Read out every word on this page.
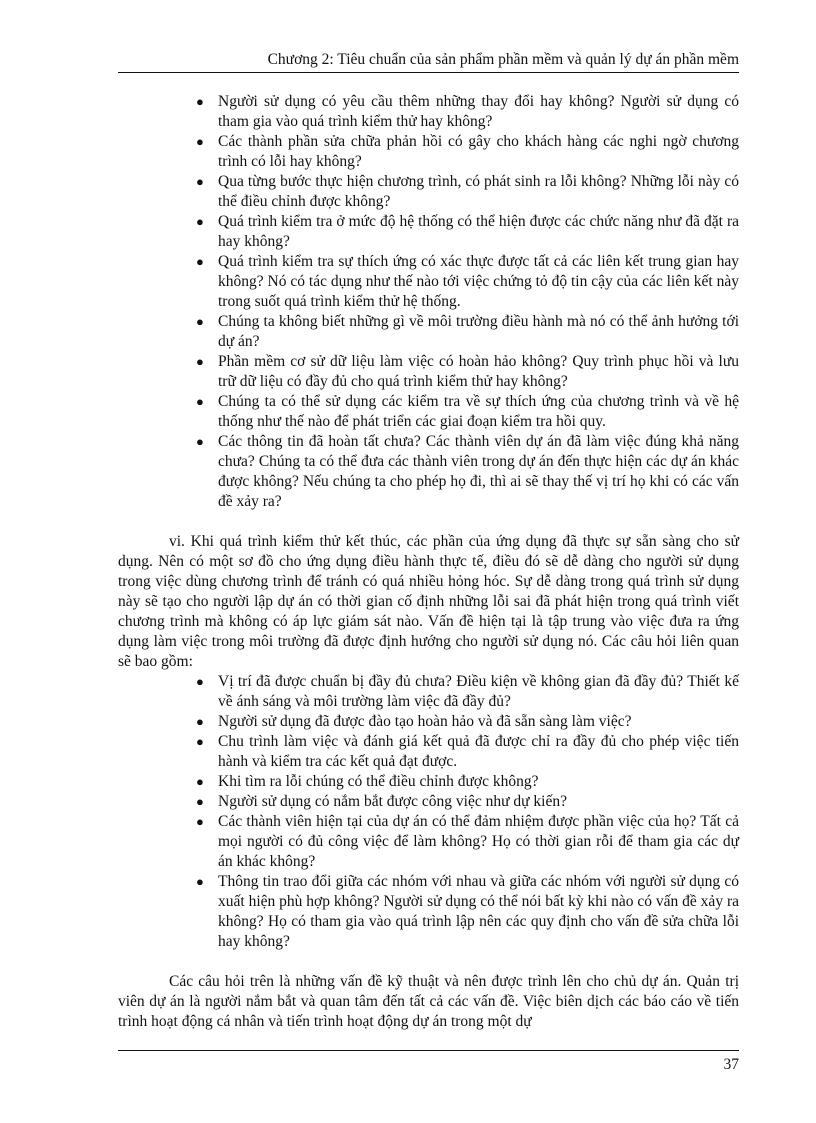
Chương 2: Tiêu chuẩn của sản phẩm phần mềm và quản lý dự án phần mềm
● Người sử dụng có yêu cầu thêm những thay đổi hay không? Người sử dụng có tham gia vào quá trình kiểm thử hay không?
● Các thành phần sửa chữa phản hồi có gây cho khách hàng các nghi ngờ chương trình có lỗi hay không?
● Qua từng bước thực hiện chương trình, có phát sinh ra lỗi không? Những lỗi này có thể điều chỉnh được không?
● Quá trình kiểm tra ở mức độ hệ thống có thể hiện được các chức năng như đã đặt ra hay không?
● Quá trình kiểm tra sự thích ứng có xác thực được tất cả các liên kết trung gian hay không? Nó có tác dụng như thế nào tới việc chứng tỏ độ tin cậy của các liên kết này trong suốt quá trình kiểm thử hệ thống.
● Chúng ta không biết những gì về môi trường điều hành mà nó có thể ảnh hưởng tới dự án?
● Phần mềm cơ sử dữ liệu làm việc có hoàn hảo không? Quy trình phục hồi và lưu trữ dữ liệu có đầy đủ cho quá trình kiểm thử hay không?
● Chúng ta có thể sử dụng các kiểm tra về sự thích ứng của chương trình và về hệ thống như thế nào để phát triển các giai đoạn kiểm tra hồi quy.
● Các thông tin đã hoàn tất chưa? Các thành viên dự án đã làm việc đúng khả năng chưa? Chúng ta có thể đưa các thành viên trong dự án đến thực hiện các dự án khác được không? Nếu chúng ta cho phép họ đi, thì ai sẽ thay thế vị trí họ khi có các vấn đề xảy ra?

vi. Khi quá trình kiểm thử kết thúc, các phần của ứng dụng đã thực sự sẵn sàng cho sử dụng. Nên có một sơ đồ cho ứng dụng điều hành thực tế, điều đó sẽ dễ dàng cho người sử dụng trong việc dùng chương trình để tránh có quá nhiều hỏng hóc. Sự dễ dàng trong quá trình sử dụng này sẽ tạo cho người lập dự án có thời gian cố định những lỗi sai đã phát hiện trong quá trình viết chương trình mà không có áp lực giám sát nào. Vấn đề hiện tại là tập trung vào việc đưa ra ứng dụng làm việc trong môi trường đã được định hướng cho người sử dụng nó. Các câu hỏi liên quan sẽ bao gồm:

● Vị trí đã được chuẩn bị đầy đủ chưa? Điều kiện về không gian đã đầy đủ? Thiết kế về ánh sáng và môi trường làm việc đã đầy đủ?
● Người sử dụng đã được đào tạo hoàn hảo và đã sẵn sàng làm việc?
● Chu trình làm việc và đánh giá kết quả đã được chỉ ra đầy đủ cho phép việc tiến hành và kiểm tra các kết quả đạt được.
● Khi tìm ra lỗi chúng có thể điều chỉnh được không?
● Người sử dụng có nắm bắt được công việc như dự kiến?
● Các thành viên hiện tại của dự án có thể đảm nhiệm được phần việc của họ? Tất cả mọi người có đủ công việc để làm không? Họ có thời gian rỗi để tham gia các dự án khác không?
● Thông tin trao đổi giữa các nhóm với nhau và giữa các nhóm với người sử dụng có xuất hiện phù hợp không? Người sử dụng có thể nói bất kỳ khi nào có vấn đề xảy ra không? Họ có tham gia vào quá trình lập nên các quy định cho vấn đề sửa chữa lỗi hay không?

Các câu hỏi trên là những vấn đề kỹ thuật và nên được trình lên cho chủ dự án. Quản trị viên dự án là người nắm bắt và quan tâm đến tất cả các vấn đề. Việc biên dịch các báo cáo về tiến trình hoạt động cá nhân và tiến trình hoạt động dự án trong một dự

37
